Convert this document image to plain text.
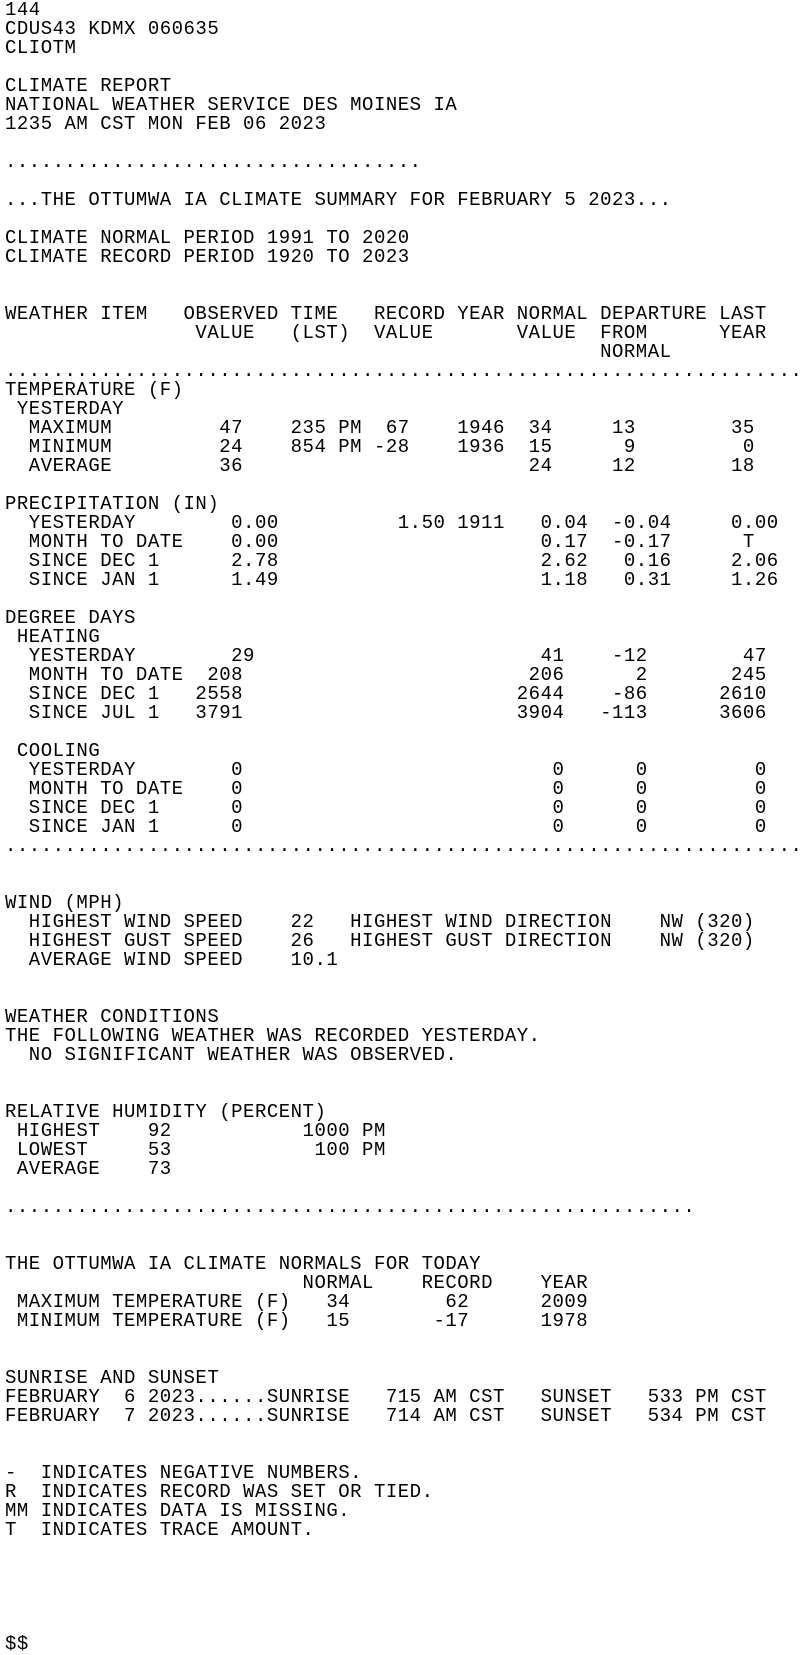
144
CDUS43 KDMX 060635
CLIOTM
CLIMATE REPORT
NATIONAL WEATHER SERVICE DES MOINES IA
1235 AM CST MON FEB 06 2023
...................................
...THE OTTUMWA IA CLIMATE SUMMARY FOR FEBRUARY 5 2023...
CLIMATE NORMAL PERIOD 1991 TO 2020
CLIMATE RECORD PERIOD 1920 TO 2023
WEATHER ITEM   OBSERVED TIME   RECORD YEAR NORMAL DEPARTURE LAST
VALUE   (LST)  VALUE       VALUE  FROM      YEAR
NORMAL
...................................................................
TEMPERATURE (F)
YESTERDAY
MAXIMUM         47    235 PM  67    1946  34     13        35
MINIMUM         24    854 PM -28    1936  15      9         0
AVERAGE         36                        24     12        18
PRECIPITATION (IN)
YESTERDAY        0.00          1.50 1911   0.04  -0.04     0.00
MONTH TO DATE    0.00                      0.17  -0.17      T
SINCE DEC 1      2.78                      2.62   0.16     2.06
SINCE JAN 1      1.49                      1.18   0.31     1.26
DEGREE DAYS
HEATING
YESTERDAY        29                        41    -12        47
MONTH TO DATE  208                        206      2       245
SINCE DEC 1   2558                       2644    -86      2610
SINCE JUL 1   3791                       3904   -113      3606
COOLING
YESTERDAY        0                          0      0         0
MONTH TO DATE    0                          0      0         0
SINCE DEC 1      0                          0      0         0
SINCE JAN 1      0                          0      0         0
...................................................................
WIND (MPH)
HIGHEST WIND SPEED    22   HIGHEST WIND DIRECTION    NW (320)
HIGHEST GUST SPEED    26   HIGHEST GUST DIRECTION    NW (320)
AVERAGE WIND SPEED    10.1
WEATHER CONDITIONS
THE FOLLOWING WEATHER WAS RECORDED YESTERDAY.
NO SIGNIFICANT WEATHER WAS OBSERVED.
RELATIVE HUMIDITY (PERCENT)
HIGHEST    92           1000 PM
LOWEST     53            100 PM
AVERAGE    73
..........................................................
THE OTTUMWA IA CLIMATE NORMALS FOR TODAY
NORMAL    RECORD    YEAR
MAXIMUM TEMPERATURE (F)   34        62      2009
MINIMUM TEMPERATURE (F)   15       -17      1978
SUNRISE AND SUNSET
FEBRUARY  6 2023......SUNRISE   715 AM CST   SUNSET   533 PM CST
FEBRUARY  7 2023......SUNRISE   714 AM CST   SUNSET   534 PM CST
-  INDICATES NEGATIVE NUMBERS.
R  INDICATES RECORD WAS SET OR TIED.
MM INDICATES DATA IS MISSING.
T  INDICATES TRACE AMOUNT.
$$
